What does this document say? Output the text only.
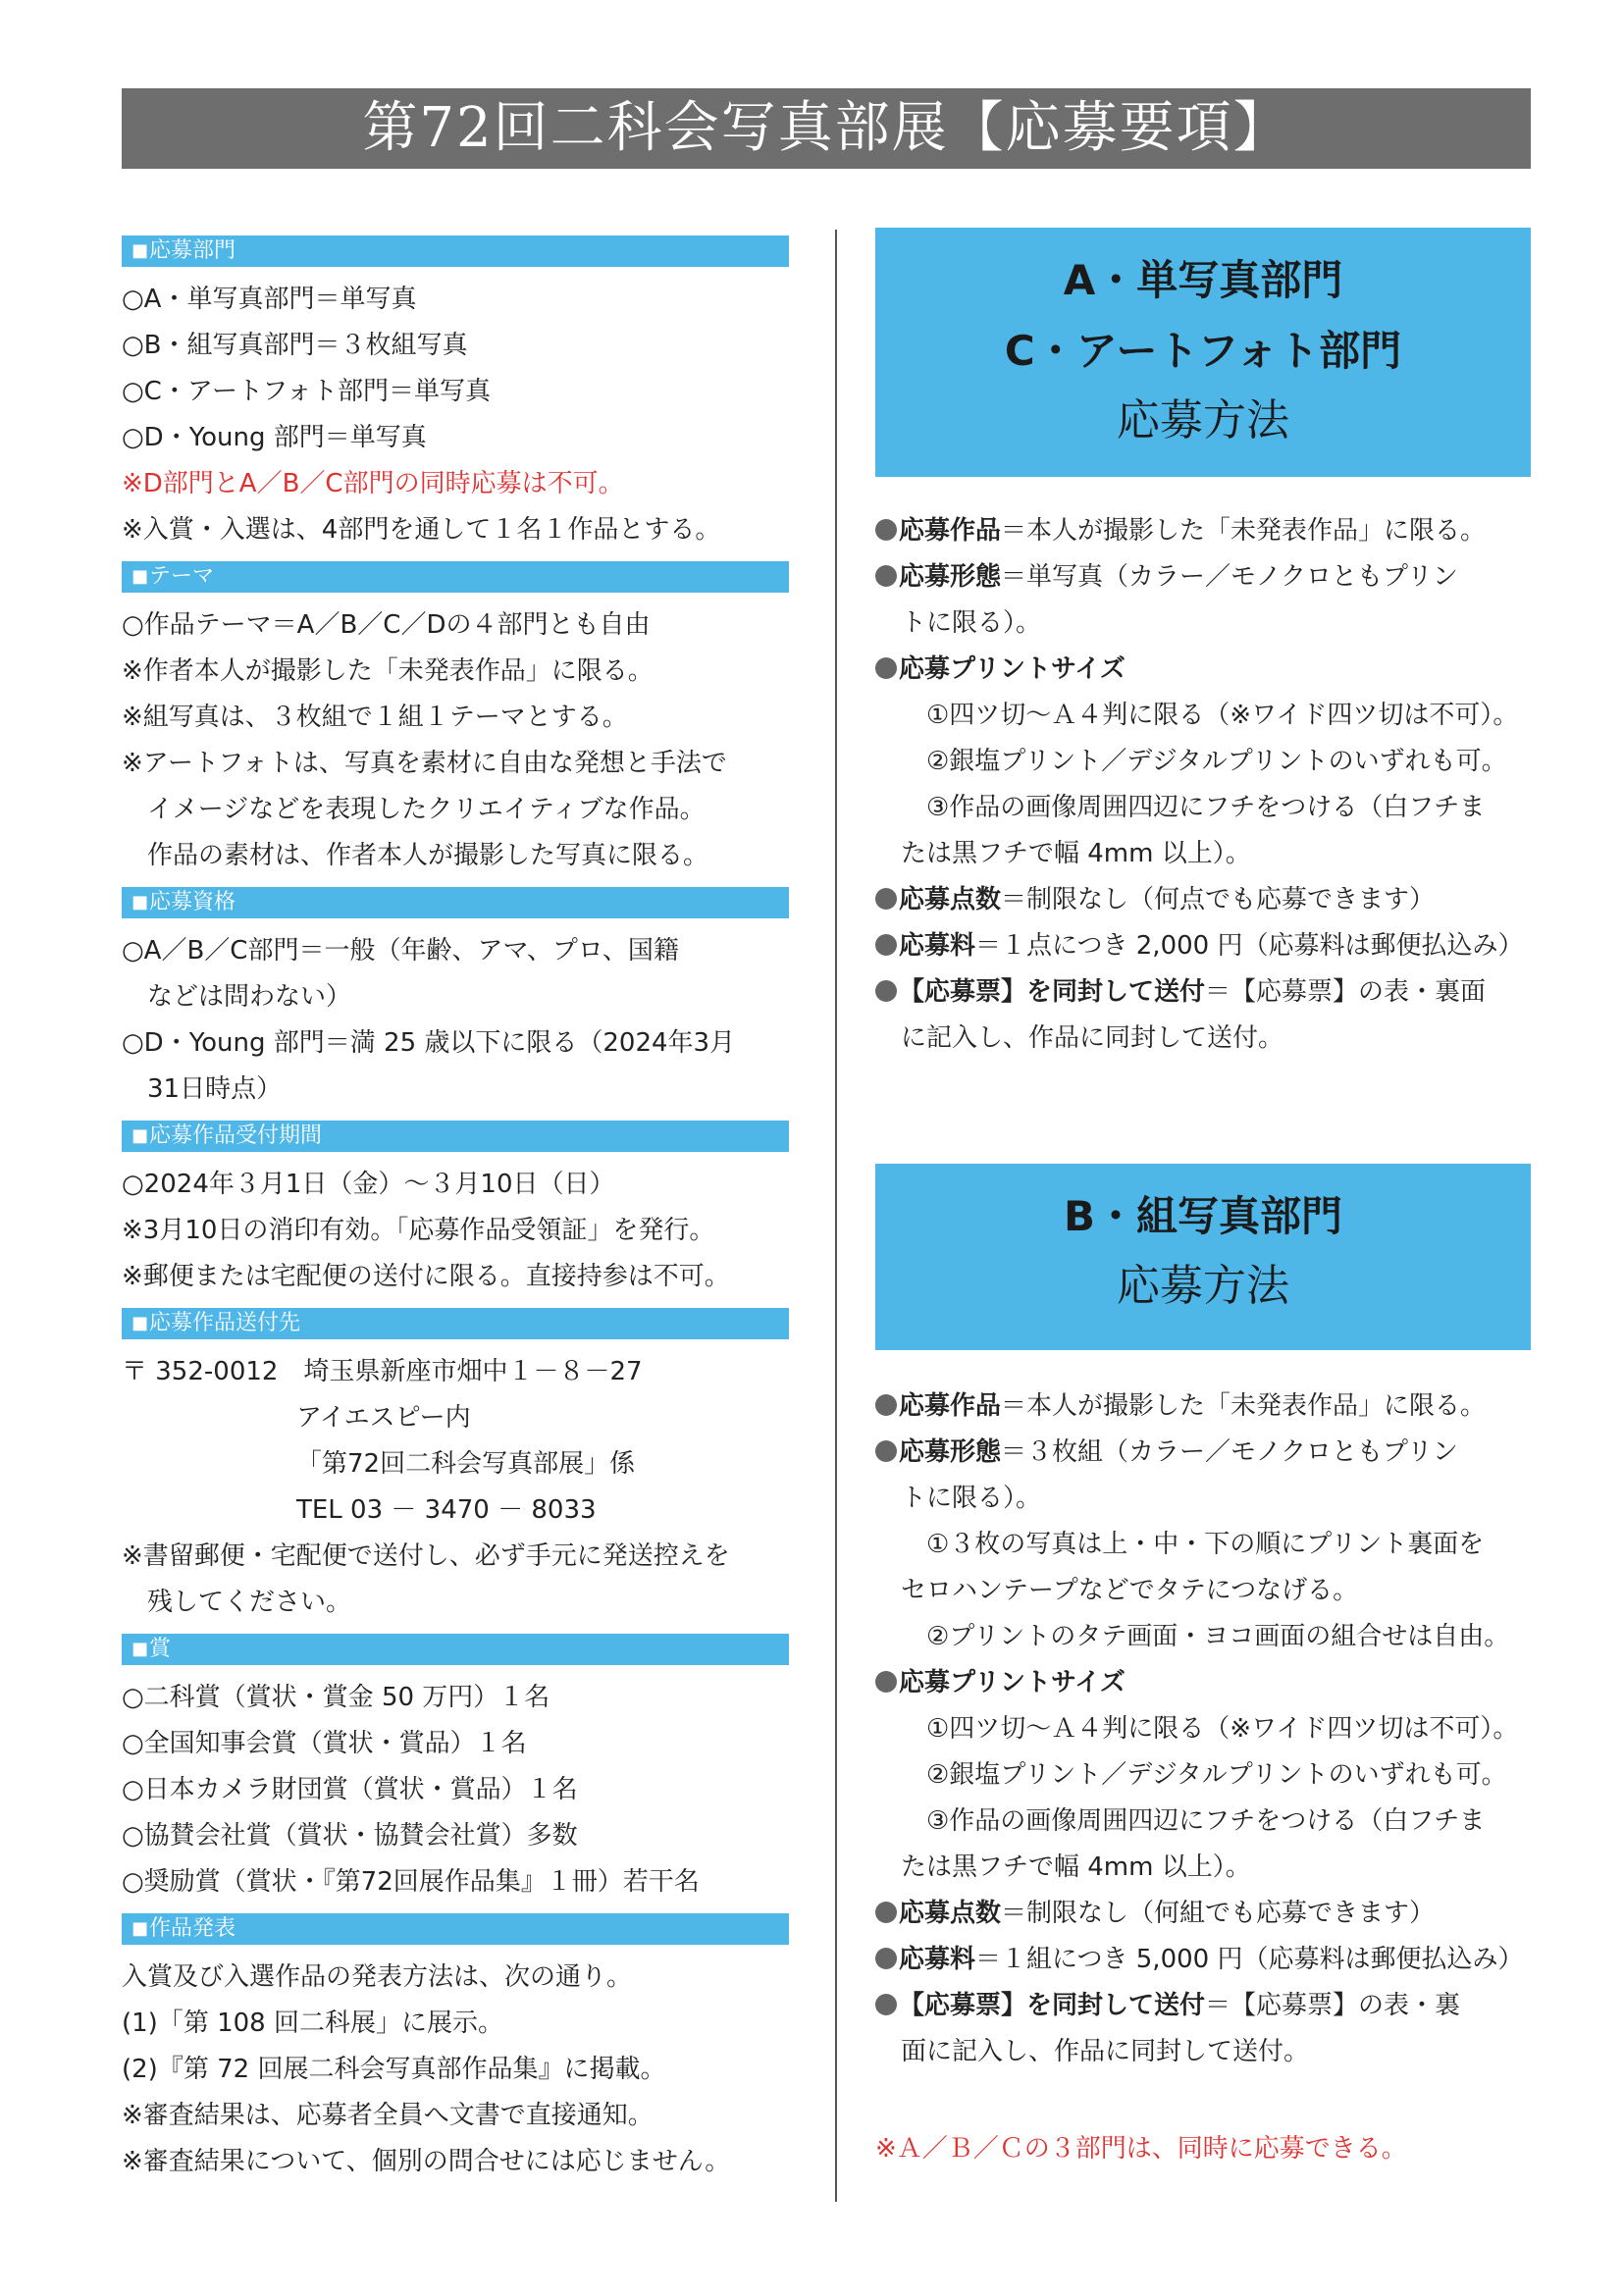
第72回二科会写真部展【応募要項】
■ 応募部門
○A・単写真部門＝単写真
○B・組写真部門＝３枚組写真
○C・アートフォト部門＝単写真
○D・Young 部門＝単写真
※D部門とA／B／C部門の同時応募は不可。
※入賞・入選は、4部門を通して１名１作品とする。
■ テーマ
○作品テーマ＝A／B／C／Dの４部門とも自由
※作者本人が撮影した「未発表作品」に限る。
※組写真は、３枚組で１組１テーマとする。
※アートフォトは、写真を素材に自由な発想と手法で
イメージなどを表現したクリエイティブな作品。
作品の素材は、作者本人が撮影した写真に限る。
■ 応募資格
○A／B／C部門＝一般（年齢、アマ、プロ、国籍
などは問わない）
○D・Young 部門＝満 25 歳以下に限る（2024年3月
31日時点）
■ 応募作品受付期間
○2024年３月1日（金）～３月10日（日）
※3月10日の消印有効。「応募作品受領証」を発行。
※郵便または宅配便の送付に限る。直接持参は不可。
■ 応募作品送付先
〒 352-0012　埼玉県新座市畑中１－８－27
アイエスピー内
「第72回二科会写真部展」係
TEL 03 － 3470 － 8033
※書留郵便・宅配便で送付し、必ず手元に発送控えを
残してください。
■ 賞
○二科賞（賞状・賞金 50 万円）１名
○全国知事会賞（賞状・賞品）１名
○日本カメラ財団賞（賞状・賞品）１名
○協賛会社賞（賞状・協賛会社賞）多数
○奨励賞（賞状・『第72回展作品集』１冊）若干名
■ 作品発表
入賞及び入選作品の発表方法は、次の通り。
(1)「第 108 回二科展」に展示。
(2)『第 72 回展二科会写真部作品集』に掲載。
※審査結果は、応募者全員へ文書で直接通知。
※審査結果について、個別の問合せには応じません。
A・単写真部門
C・アートフォト部門
応募方法
応募作品＝本人が撮影した「未発表作品」に限る。
応募形態＝単写真（カラー／モノクロともプリン
トに限る）。
応募プリントサイズ
　①四ツ切～Ａ４判に限る（※ワイド四ツ切は不可）。
　②銀塩プリント／デジタルプリントのいずれも可。
　③作品の画像周囲四辺にフチをつける（白フチま
たは黒フチで幅 4mm 以上）。
応募点数＝制限なし（何点でも応募できます）
応募料＝１点につき 2,000 円（応募料は郵便払込み）
【応募票】を同封して送付＝【応募票】の表・裏面
に記入し、作品に同封して送付。
B・組写真部門
応募方法
応募作品＝本人が撮影した「未発表作品」に限る。
応募形態＝３枚組（カラー／モノクロともプリン
トに限る）。
　①３枚の写真は上・中・下の順にプリント裏面を
セロハンテープなどでタテにつなげる。
　②プリントのタテ画面・ヨコ画面の組合せは自由。
応募プリントサイズ
　①四ツ切～Ａ４判に限る（※ワイド四ツ切は不可）。
　②銀塩プリント／デジタルプリントのいずれも可。
　③作品の画像周囲四辺にフチをつける（白フチま
たは黒フチで幅 4mm 以上）。
応募点数＝制限なし（何組でも応募できます）
応募料＝１組につき 5,000 円（応募料は郵便払込み）
【応募票】を同封して送付＝【応募票】の表・裏
面に記入し、作品に同封して送付。
※Ａ／Ｂ／Ｃの３部門は、同時に応募できる。
